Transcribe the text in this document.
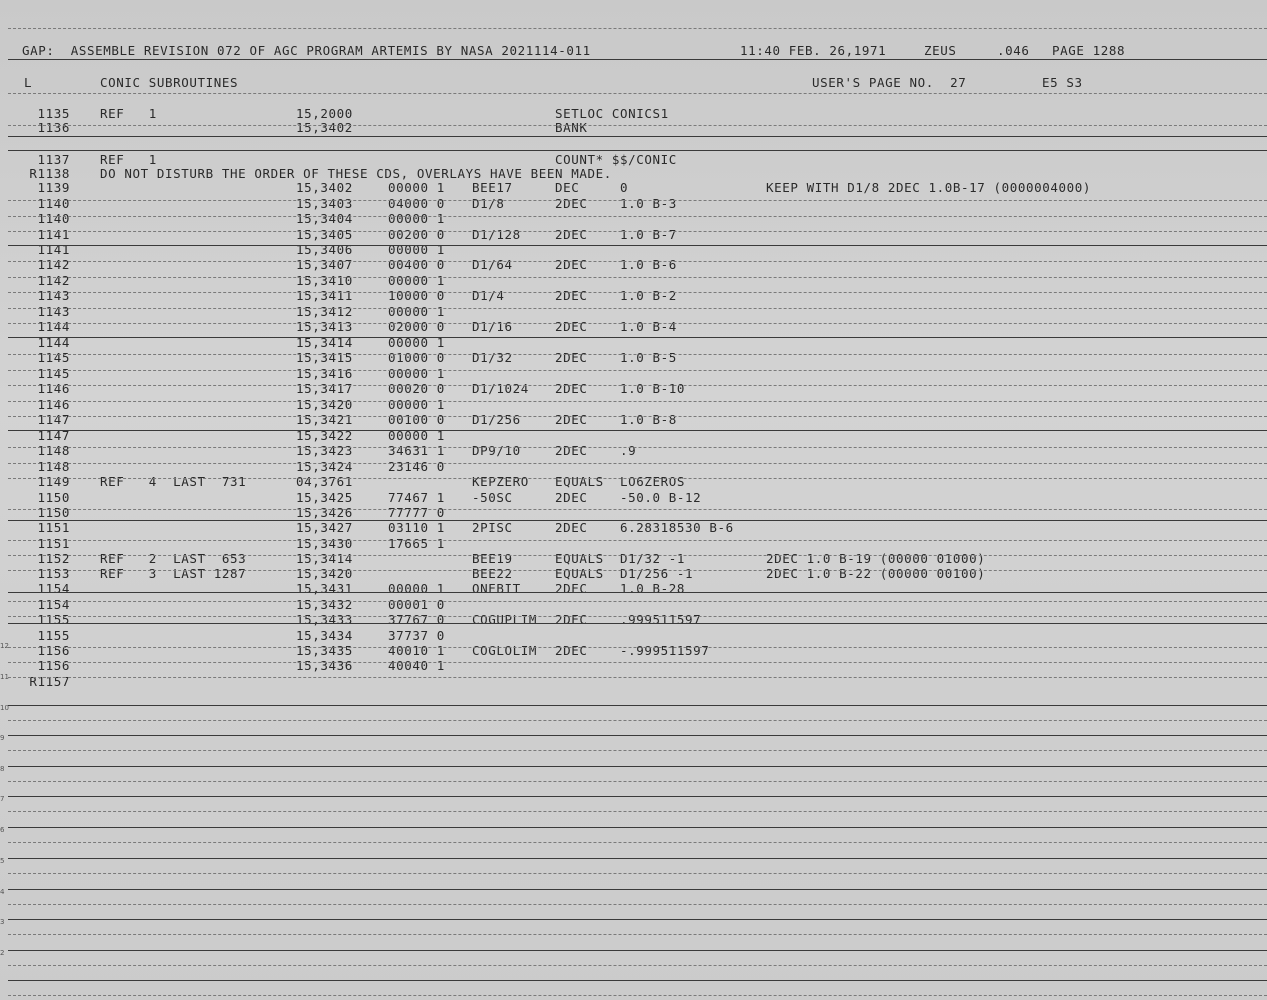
GAP:  ASSEMBLE REVISION 072 OF AGC PROGRAM ARTEMIS BY NASA 2021114-011	11:40 FEB. 26,1971	ZEUS	.046 PAGE 1288
L	CONIC SUBROUTINES	USER'S PAGE NO.  27	E5 S3
1135 REF   1	15,2000	SETLOC CONICS1
1136	15,3402	BANK
1137 REF   1	COUNT* $$/CONIC
R1138 DO NOT DISTURB THE ORDER OF THESE CDS, OVERLAYS HAVE BEEN MADE.
1139	15,3402	00000 1 BEE17	DEC	0	KEEP WITH D1/8 2DEC 1.0B-17 (0000004000)
1140	15,3403	04000 0 D1/8	2DEC	1.0 B-3
1140	15,3404	00000 1
1141	15,3405	00200 0 D1/128	2DEC	1.0 B-7
1141	15,3406	00000 1
1142	15,3407	00400 0 D1/64	2DEC	1.0 B-6
1142	15,3410	00000 1
1143	15,3411	10000 0 D1/4	2DEC	1.0 B-2
1143	15,3412	00000 1
1144	15,3413	02000 0 D1/16	2DEC	1.0 B-4
1144	15,3414	00000 1
1145	15,3415	01000 0 D1/32	2DEC	1.0 B-5
1145	15,3416	00000 1
1146	15,3417	00020 0 D1/1024 2DEC	1.0 B-10
1146	15,3420	00000 1
1147	15,3421	00100 0 D1/256	2DEC	1.0 B-8
1147	15,3422	00000 1
1148	15,3423	34631 1 DP9/10	2DEC	.9
1148	15,3424	23146 0
1149 REF   4  LAST  731	04,3761	KEPZERO EQUALS LO6ZEROS
1150	15,3425	77467 1 -50SC	2DEC	-50.0 B-12
1150	15,3426	77777 0
1151	15,3427	03110 1 2PISC	2DEC	6.28318530 B-6
1151	15,3430	17665 1
1152 REF   2  LAST  653	15,3414	BEE19	EQUALS D1/32 -1	2DEC 1.0 B-19 (00000 01000)
1153 REF   3  LAST 1287	15,3420	BEE22	EQUALS D1/256 -1	2DEC 1.0 B-22 (00000 00100)
1154	15,3431	00000 1 ONEBIT	2DEC	1.0 B-28
1154	15,3432	00001 0
1155	15,3433	37767 0 COGUPLIM 2DEC	.999511597
1155	15,3434	37737 0
1156	15,3435	40010 1 COGLOLIM 2DEC	-.999511597
1156	15,3436	40040 1
R1157
12
11
10
9
8
7
6
5
4
3
2
